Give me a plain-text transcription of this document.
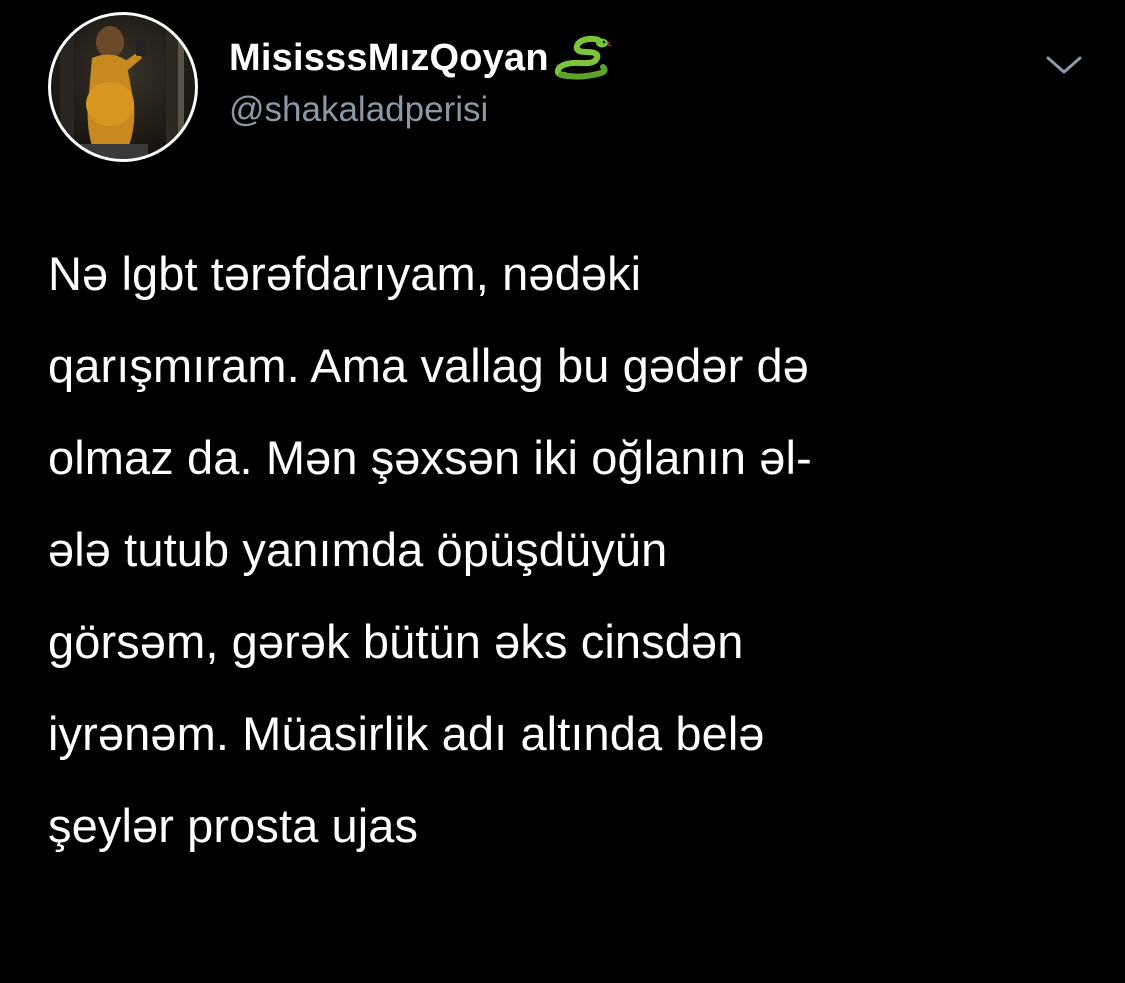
MisisssMızQoyan
@shakaladperisi
Nə lgbt tərəfdarıyam, nədəki
qarışmıram. Ama vallag bu gədər də
olmaz da. Mən şəxsən iki oğlanın əl-
ələ tutub yanımda öpüşdüyün
görsəm, gərək bütün əks cinsdən
iyrənəm. Müasirlik adı altında belə
şeylər prosta ujas
